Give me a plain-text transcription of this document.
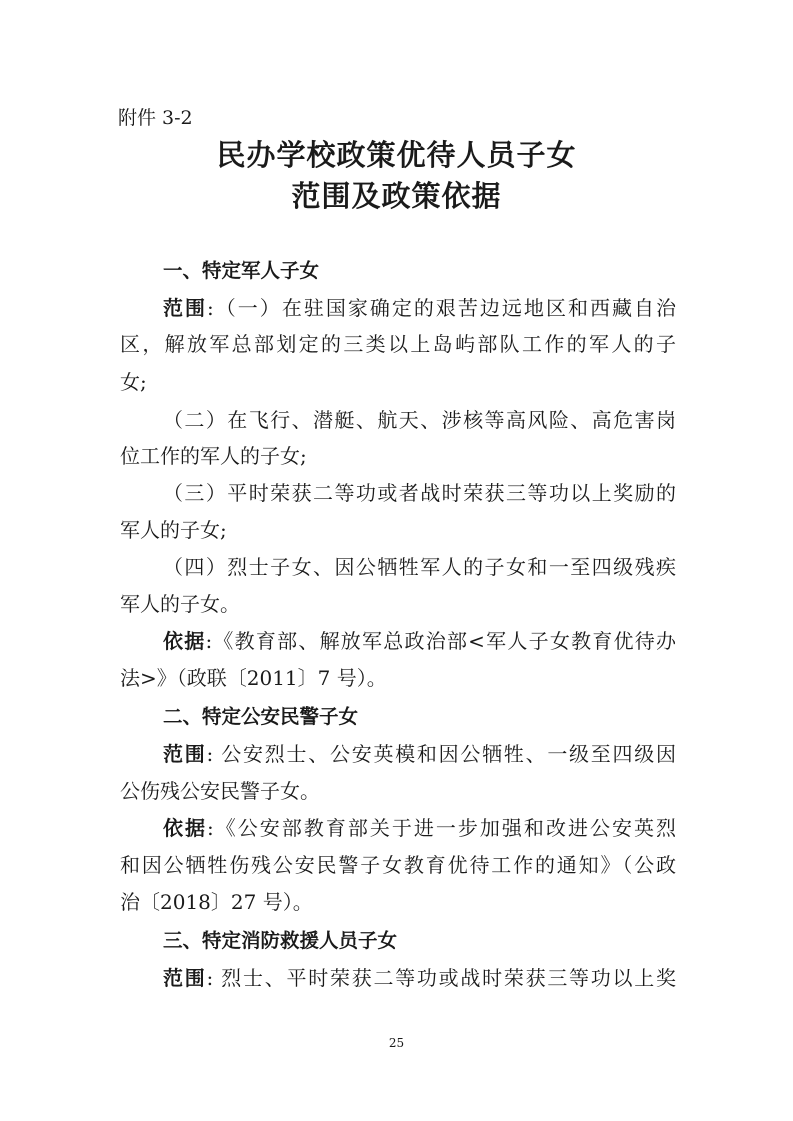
附件 3-2
民办学校政策优待人员子女
范围及政策依据
一、特定军人子女
范围:（一）在驻国家确定的艰苦边远地区和西藏自治
区，解放军总部划定的三类以上岛屿部队工作的军人的子
女;
（二）在飞行、潜艇、航天、涉核等高风险、高危害岗
位工作的军人的子女;
（三）平时荣获二等功或者战时荣获三等功以上奖励的
军人的子女;
（四）烈士子女、因公牺牲军人的子女和一至四级残疾
军人的子女。
依据:《教育部、解放军总政治部<军人子女教育优待办
法>》（政联〔2011〕7 号）。
二、特定公安民警子女
范围: 公安烈士、公安英模和因公牺牲、一级至四级因
公伤残公安民警子女。
依据:《公安部教育部关于进一步加强和改进公安英烈
和因公牺牲伤残公安民警子女教育优待工作的通知》（公政
治〔2018〕27 号）。
三、特定消防救援人员子女
范围: 烈士、平时荣获二等功或战时荣获三等功以上奖
25
